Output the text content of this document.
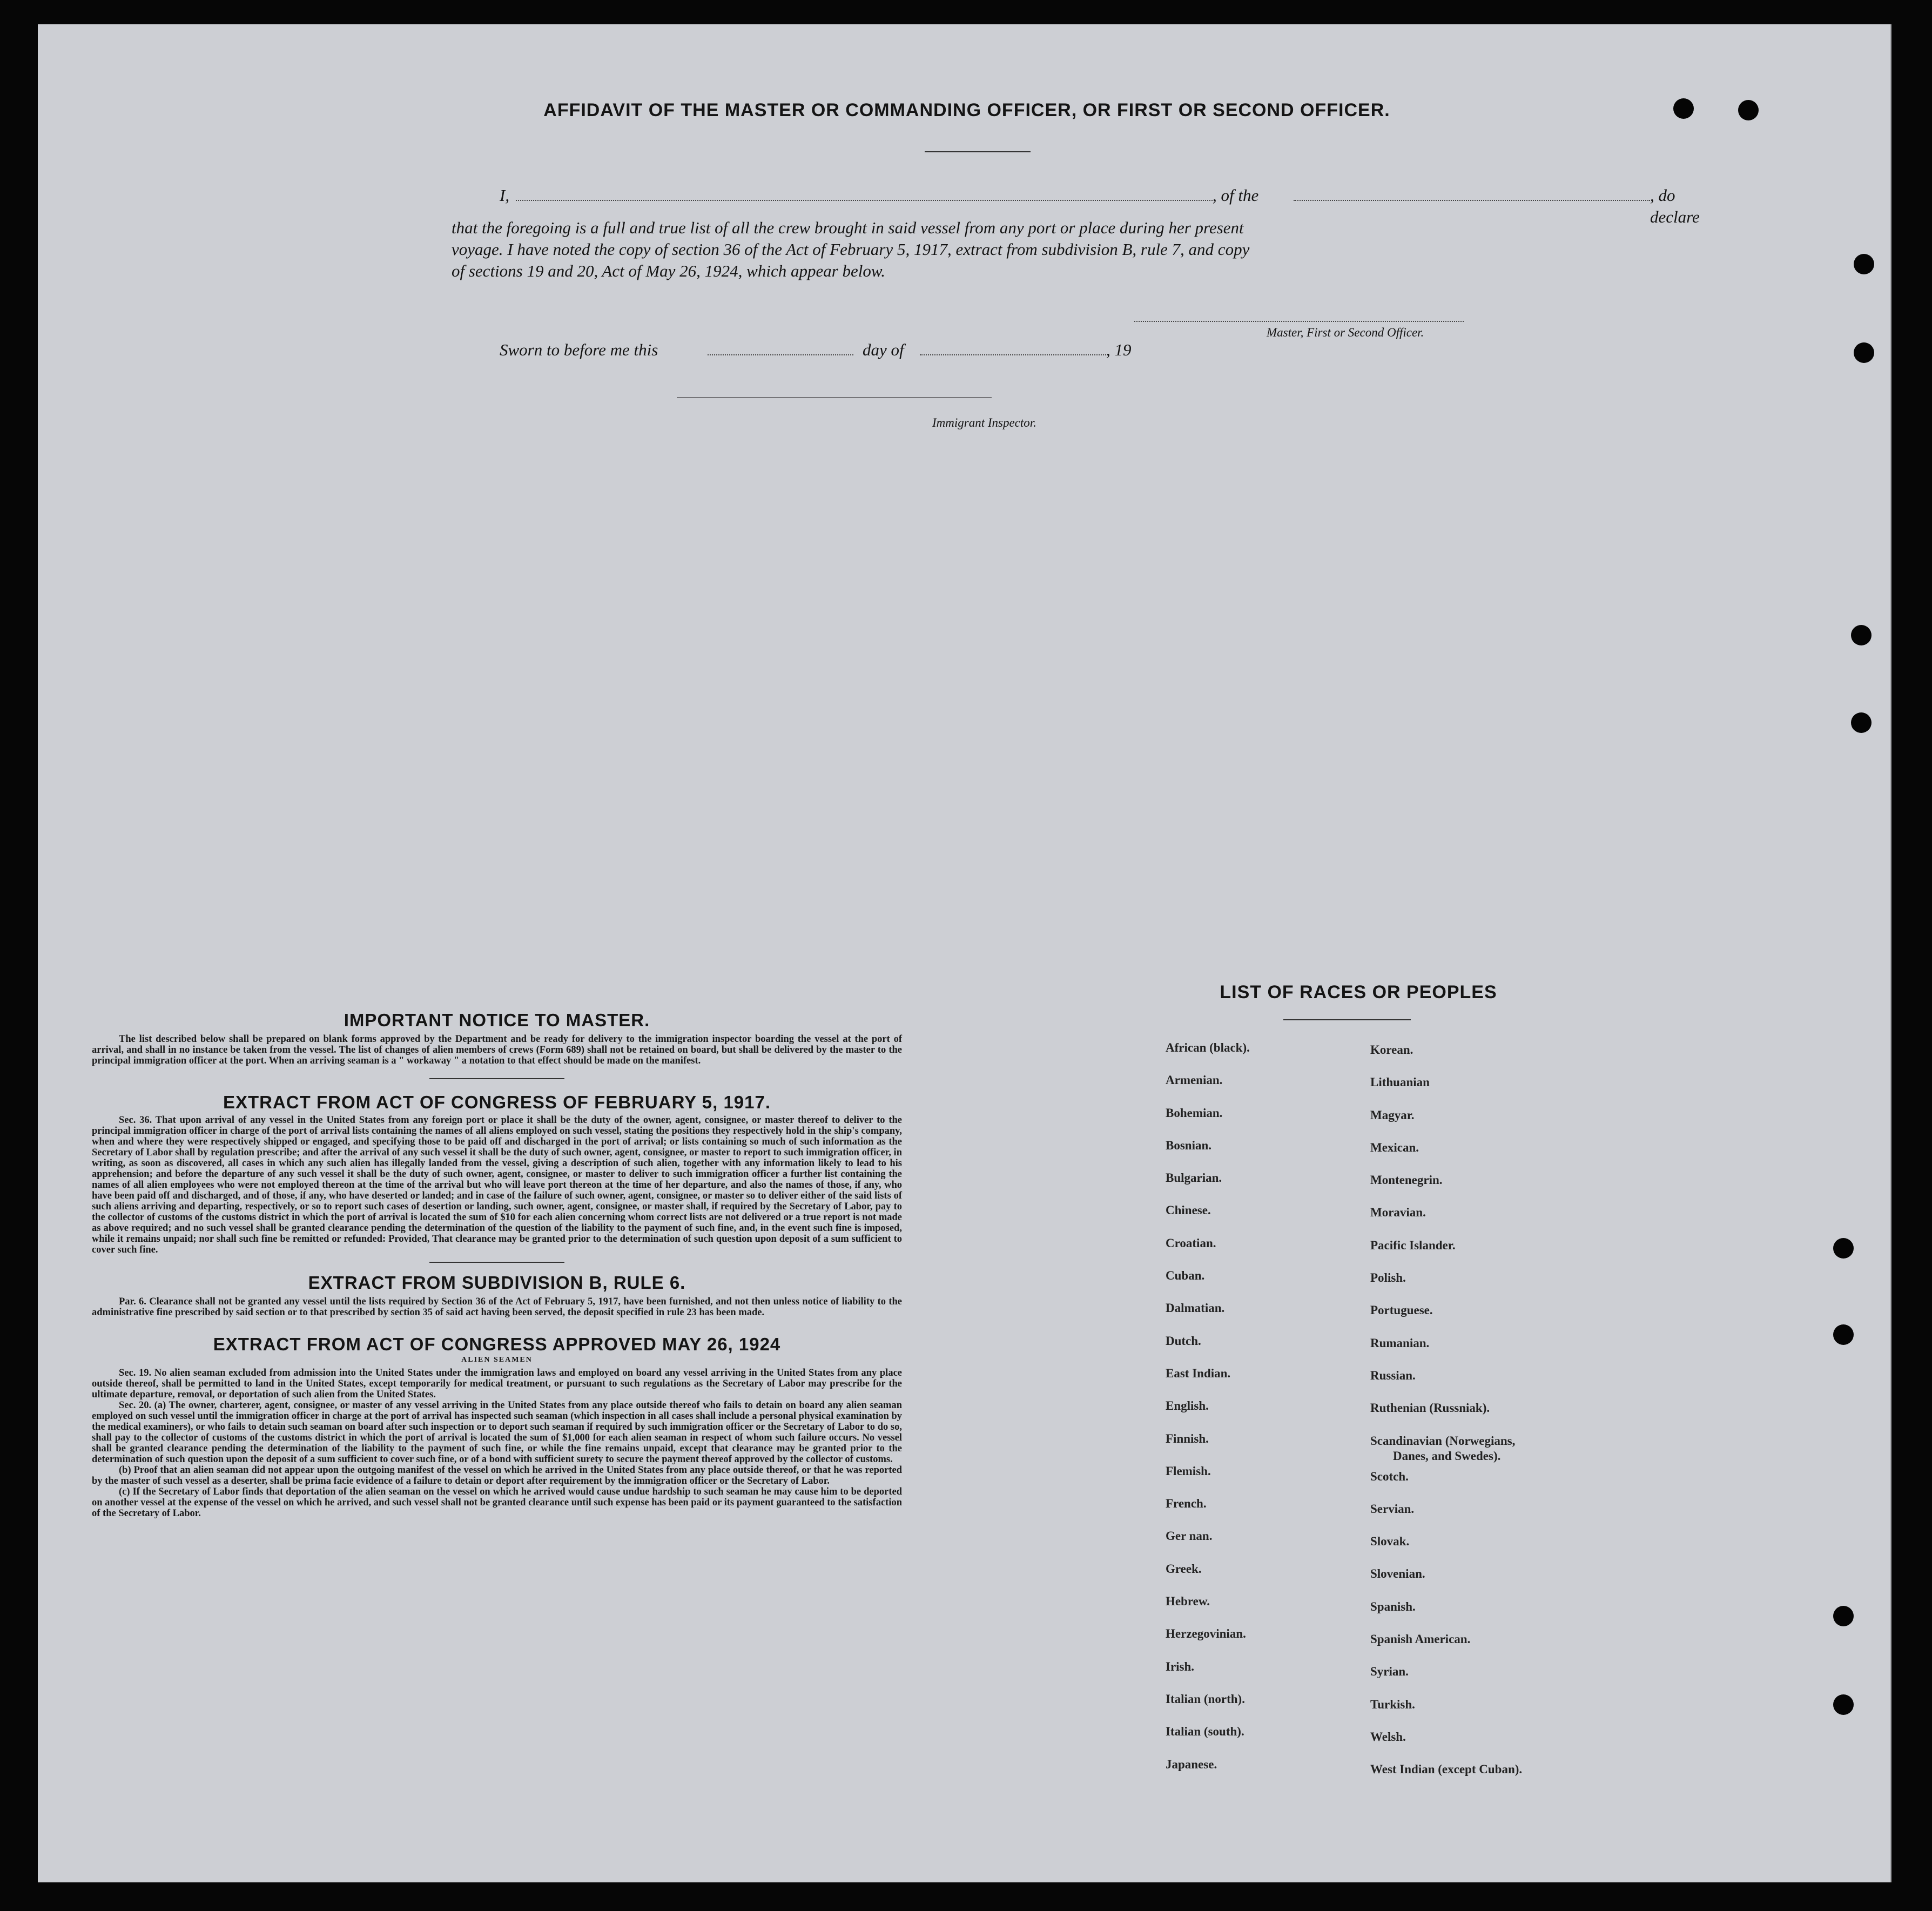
AFFIDAVIT OF THE MASTER OR COMMANDING OFFICER, OR FIRST OR SECOND OFFICER.
I,	, of the	, do declare
that the foregoing is a full and true list of all the crew brought in said vessel from any port or place during her present
voyage. I have noted the copy of section 36 of the Act of February 5, 1917, extract from subdivision B, rule 7, and copy
of sections 19 and 20, Act of May 26, 1924, which appear below.
Master, First or Second Officer.
Sworn to before me this	day of	, 19
Immigrant Inspector.
IMPORTANT NOTICE TO MASTER.

The list described below shall be prepared on blank forms approved by the Department and be ready for delivery to the immigration inspector boarding the vessel at the port of arrival, and shall in no instance be taken from the vessel. The list of changes of alien members of crews (Form 689) shall not be retained on board, but shall be delivered by the master to the principal immigration officer at the port. When an arriving seaman is a " workaway " a notation to that effect should be made on the manifest.

EXTRACT FROM ACT OF CONGRESS OF FEBRUARY 5, 1917.

Sec. 36. That upon arrival of any vessel in the United States from any foreign port or place it shall be the duty of the owner, agent, consignee, or master thereof to deliver to the principal immigration officer in charge of the port of arrival lists containing the names of all aliens employed on such vessel, stating the positions they respectively hold in the ship's company, when and where they were respectively shipped or engaged, and specifying those to be paid off and discharged in the port of arrival; or lists containing so much of such information as the Secretary of Labor shall by regulation prescribe; and after the arrival of any such vessel it shall be the duty of such owner, agent, consignee, or master to report to such immigration officer, in writing, as soon as discovered, all cases in which any such alien has illegally landed from the vessel, giving a description of such alien, together with any information likely to lead to his apprehension; and before the departure of any such vessel it shall be the duty of such owner, agent, consignee, or master to deliver to such immigration officer a further list containing the names of all alien employees who were not employed thereon at the time of the arrival but who will leave port thereon at the time of her departure, and also the names of those, if any, who have been paid off and discharged, and of those, if any, who have deserted or landed; and in case of the failure of such owner, agent, consignee, or master so to deliver either of the said lists of such aliens arriving and departing, respectively, or so to report such cases of desertion or landing, such owner, agent, consignee, or master shall, if required by the Secretary of Labor, pay to the collector of customs of the customs district in which the port of arrival is located the sum of $10 for each alien concerning whom correct lists are not delivered or a true report is not made as above required; and no such vessel shall be granted clearance pending the determination of the question of the liability to the payment of such fine, and, in the event such fine is imposed, while it remains unpaid; nor shall such fine be remitted or refunded: Provided, That clearance may be granted prior to the determination of such question upon deposit of a sum sufficient to cover such fine.

EXTRACT FROM SUBDIVISION B, RULE 6.

Par. 6. Clearance shall not be granted any vessel until the lists required by Section 36 of the Act of February 5, 1917, have been furnished, and not then unless notice of liability to the administrative fine prescribed by said section or to that prescribed by section 35 of said act having been served, the deposit specified in rule 23 has been made.

EXTRACT FROM ACT OF CONGRESS APPROVED MAY 26, 1924
ALIEN SEAMEN

Sec. 19. No alien seaman excluded from admission into the United States under the immigration laws and employed on board any vessel arriving in the United States from any place outside thereof, shall be permitted to land in the United States, except temporarily for medical treatment, or pursuant to such regulations as the Secretary of Labor may prescribe for the ultimate departure, removal, or deportation of such alien from the United States.

Sec. 20. (a) The owner, charterer, agent, consignee, or master of any vessel arriving in the United States from any place outside thereof who fails to detain on board any alien seaman employed on such vessel until the immigration officer in charge at the port of arrival has inspected such seaman (which inspection in all cases shall include a personal physical examination by the medical examiners), or who fails to detain such seaman on board after such inspection or to deport such seaman if required by such immigration officer or the Secretary of Labor to do so, shall pay to the collector of customs of the customs district in which the port of arrival is located the sum of $1,000 for each alien seaman in respect of whom such failure occurs. No vessel shall be granted clearance pending the determination of the liability to the payment of such fine, or while the fine remains unpaid, except that clearance may be granted prior to the determination of such question upon the deposit of a sum sufficient to cover such fine, or of a bond with sufficient surety to secure the payment thereof approved by the collector of customs.

(b) Proof that an alien seaman did not appear upon the outgoing manifest of the vessel on which he arrived in the United States from any place outside thereof, or that he was reported by the master of such vessel as a deserter, shall be prima facie evidence of a failure to detain or deport after requirement by the immigration officer or the Secretary of Labor.

(c) If the Secretary of Labor finds that deportation of the alien seaman on the vessel on which he arrived would cause undue hardship to such seaman he may cause him to be deported on another vessel at the expense of the vessel on which he arrived, and such vessel shall not be granted clearance until such expense has been paid or its payment guaranteed to the satisfaction of the Secretary of Labor.

LIST OF RACES OR PEOPLES
African (black).
Armenian.
Bohemian.
Bosnian.
Bulgarian.
Chinese.
Croatian.
Cuban.
Dalmatian.
Dutch.
East Indian.
English.
Finnish.
Flemish.
French.
Ger nan.
Greek.
Hebrew.
Herzegovinian.
Irish.
Italian (north).
Italian (south).
Japanese.
Korean.
Lithuanian
Magyar.
Mexican.
Montenegrin.
Moravian.
Pacific Islander.
Polish.
Portuguese.
Rumanian.
Russian.
Ruthenian (Russniak).
Scandinavian (Norwegians,
Danes, and Swedes).
Scotch.
Servian.
Slovak.
Slovenian.
Spanish.
Spanish American.
Syrian.
Turkish.
Welsh.
West Indian (except Cuban).
